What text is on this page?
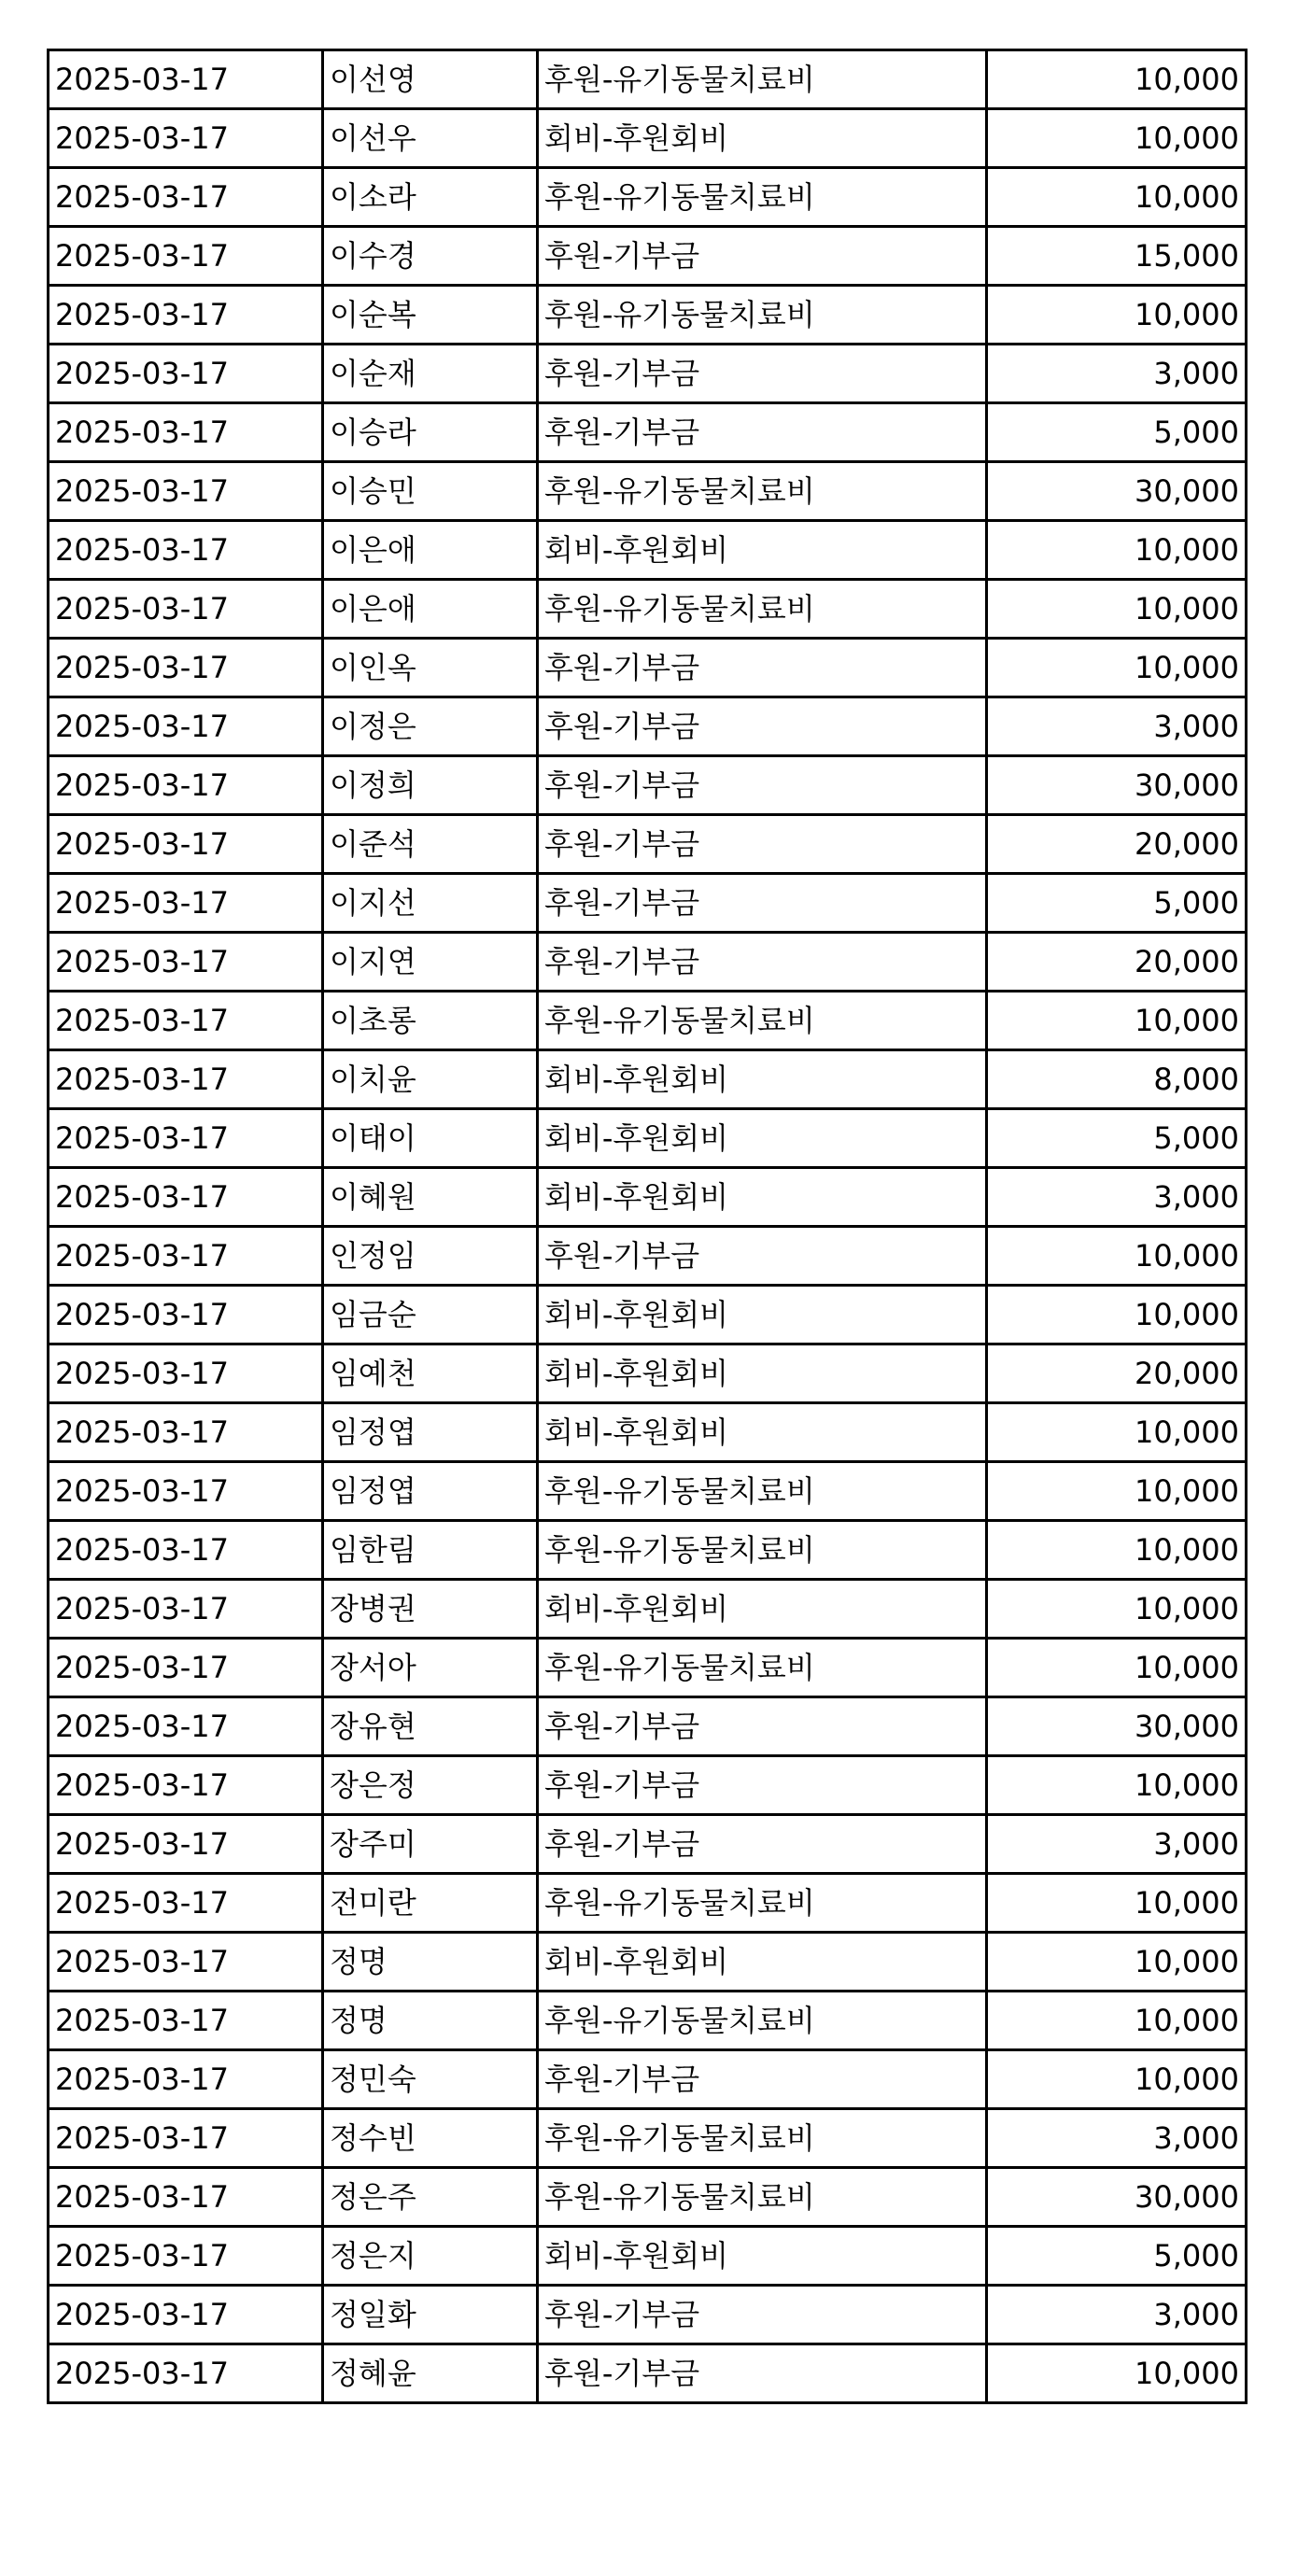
2025-03-17	이선영	후원-유기동물치료비	10,000
2025-03-17	이선우	회비-후원회비	10,000
2025-03-17	이소라	후원-유기동물치료비	10,000
2025-03-17	이수경	후원-기부금	15,000
2025-03-17	이순복	후원-유기동물치료비	10,000
2025-03-17	이순재	후원-기부금	3,000
2025-03-17	이승라	후원-기부금	5,000
2025-03-17	이승민	후원-유기동물치료비	30,000
2025-03-17	이은애	회비-후원회비	10,000
2025-03-17	이은애	후원-유기동물치료비	10,000
2025-03-17	이인옥	후원-기부금	10,000
2025-03-17	이정은	후원-기부금	3,000
2025-03-17	이정희	후원-기부금	30,000
2025-03-17	이준석	후원-기부금	20,000
2025-03-17	이지선	후원-기부금	5,000
2025-03-17	이지연	후원-기부금	20,000
2025-03-17	이초롱	후원-유기동물치료비	10,000
2025-03-17	이치윤	회비-후원회비	8,000
2025-03-17	이태이	회비-후원회비	5,000
2025-03-17	이혜원	회비-후원회비	3,000
2025-03-17	인정임	후원-기부금	10,000
2025-03-17	임금순	회비-후원회비	10,000
2025-03-17	임예천	회비-후원회비	20,000
2025-03-17	임정엽	회비-후원회비	10,000
2025-03-17	임정엽	후원-유기동물치료비	10,000
2025-03-17	임한림	후원-유기동물치료비	10,000
2025-03-17	장병권	회비-후원회비	10,000
2025-03-17	장서아	후원-유기동물치료비	10,000
2025-03-17	장유현	후원-기부금	30,000
2025-03-17	장은정	후원-기부금	10,000
2025-03-17	장주미	후원-기부금	3,000
2025-03-17	전미란	후원-유기동물치료비	10,000
2025-03-17	정명	회비-후원회비	10,000
2025-03-17	정명	후원-유기동물치료비	10,000
2025-03-17	정민숙	후원-기부금	10,000
2025-03-17	정수빈	후원-유기동물치료비	3,000
2025-03-17	정은주	후원-유기동물치료비	30,000
2025-03-17	정은지	회비-후원회비	5,000
2025-03-17	정일화	후원-기부금	3,000
2025-03-17	정혜윤	후원-기부금	10,000
